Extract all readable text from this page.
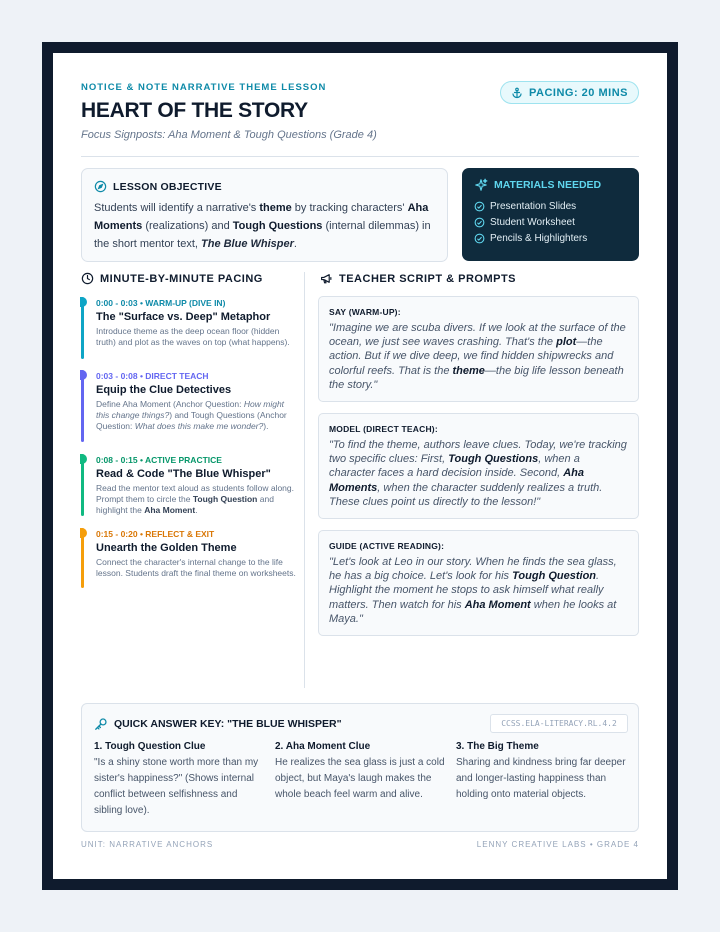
NOTICE & NOTE NARRATIVE THEME LESSON
HEART OF THE STORY
Focus Signposts: Aha Moment & Tough Questions (Grade 4)
PACING: 20 MINS
LESSON OBJECTIVE
Students will identify a narrative's theme by tracking characters' Aha Moments (realizations) and Tough Questions (internal dilemmas) in the short mentor text, The Blue Whisper.
MATERIALS NEEDED
Presentation Slides
Student Worksheet
Pencils & Highlighters
MINUTE-BY-MINUTE PACING
0:00 - 0:03 • WARM-UP (DIVE IN)
The "Surface vs. Deep" Metaphor
Introduce theme as the deep ocean floor (hidden truth) and plot as the waves on top (what happens).
0:03 - 0:08 • DIRECT TEACH
Equip the Clue Detectives
Define Aha Moment (Anchor Question: How might this change things?) and Tough Questions (Anchor Question: What does this make me wonder?).
0:08 - 0:15 • ACTIVE PRACTICE
Read & Code "The Blue Whisper"
Read the mentor text aloud as students follow along. Prompt them to circle the Tough Question and highlight the Aha Moment.
0:15 - 0:20 • REFLECT & EXIT
Unearth the Golden Theme
Connect the character's internal change to the life lesson. Students draft the final theme on worksheets.
TEACHER SCRIPT & PROMPTS
SAY (WARM-UP):
"Imagine we are scuba divers. If we look at the surface of the ocean, we just see waves crashing. That's the plot—the action. But if we dive deep, we find hidden shipwrecks and colorful reefs. That is the theme—the big life lesson beneath the story."
MODEL (DIRECT TEACH):
"To find the theme, authors leave clues. Today, we're tracking two specific clues: First, Tough Questions, when a character faces a hard decision inside. Second, Aha Moments, when the character suddenly realizes a truth. These clues point us directly to the lesson!"
GUIDE (ACTIVE READING):
"Let's look at Leo in our story. When he finds the sea glass, he has a big choice. Let's look for his Tough Question. Highlight the moment he stops to ask himself what really matters. Then watch for his Aha Moment when he looks at Maya."
QUICK ANSWER KEY: "THE BLUE WHISPER"	CCSS.ELA-LITERACY.RL.4.2
1. Tough Question Clue
"Is a shiny stone worth more than my sister's happiness?" (Shows internal conflict between selfishness and sibling love).
2. Aha Moment Clue
He realizes the sea glass is just a cold object, but Maya's laugh makes the whole beach feel warm and alive.
3. The Big Theme
Sharing and kindness bring far deeper and longer-lasting happiness than holding onto material objects.
UNIT: NARRATIVE ANCHORS	LENNY CREATIVE LABS • GRADE 4
